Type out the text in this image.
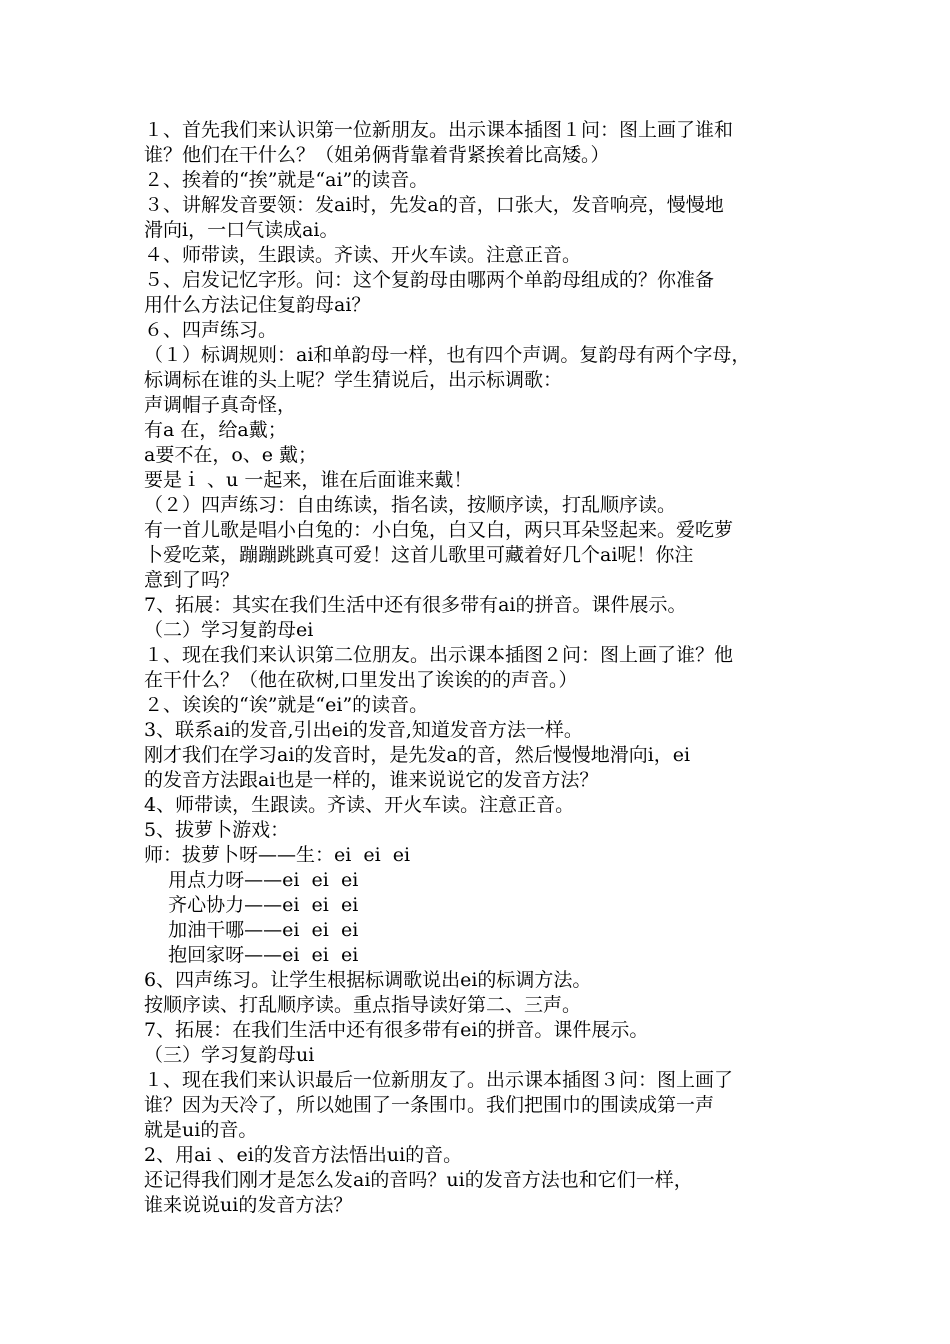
１、首先我们来认识第一位新朋友。出示课本插图１问：图上画了谁和
谁？他们在干什么？（姐弟俩背靠着背紧挨着比高矮。）
２、挨着的“挨”就是“ai”的读音。
３、讲解发音要领：发ai时，先发a的音，口张大，发音响亮，慢慢地
滑向i，一口气读成ai。
４、师带读，生跟读。齐读、开火车读。注意正音。
５、启发记忆字形。问：这个复韵母由哪两个单韵母组成的？你准备
用什么方法记住复韵母ai？
６、四声练习。
（１）标调规则：ai和单韵母一样，也有四个声调。复韵母有两个字母，
标调标在谁的头上呢？学生猜说后，出示标调歌：
声调帽子真奇怪，
有a 在，给a戴；
a要不在，o、e 戴；
要是ｉ 、u 一起来，谁在后面谁来戴！
（２）四声练习：自由练读，指名读，按顺序读，打乱顺序读。
有一首儿歌是唱小白兔的：小白兔，白又白，两只耳朵竖起来。爱吃萝
卜爱吃菜，蹦蹦跳跳真可爱！这首儿歌里可藏着好几个ai呢！你注
意到了吗？
7、拓展：其实在我们生活中还有很多带有ai的拼音。课件展示。
（二）学习复韵母ei
１、现在我们来认识第二位朋友。出示课本插图２问：图上画了谁？他
在干什么？（他在砍树,口里发出了诶诶的的声音。）
２、诶诶的“诶”就是“ei”的读音。
3、联系ai的发音,引出ei的发音,知道发音方法一样。
刚才我们在学习ai的发音时，是先发a的音，然后慢慢地滑向i，ei
的发音方法跟ai也是一样的，谁来说说它的发音方法？
4、师带读，生跟读。齐读、开火车读。注意正音。
5、拔萝卜游戏：
师：拔萝卜呀——生：ei  ei  ei
用点力呀——ei  ei  ei
齐心协力——ei  ei  ei
加油干哪——ei  ei  ei
抱回家呀——ei  ei  ei
6、四声练习。让学生根据标调歌说出ei的标调方法。
按顺序读、打乱顺序读。重点指导读好第二、三声。
7、拓展：在我们生活中还有很多带有ei的拼音。课件展示。
（三）学习复韵母ui
１、现在我们来认识最后一位新朋友了。出示课本插图３问：图上画了
谁？因为天冷了，所以她围了一条围巾。我们把围巾的围读成第一声
就是ui的音。
2、用ai 、ei的发音方法悟出ui的音。
还记得我们刚才是怎么发ai的音吗？ui的发音方法也和它们一样，
谁来说说ui的发音方法？
